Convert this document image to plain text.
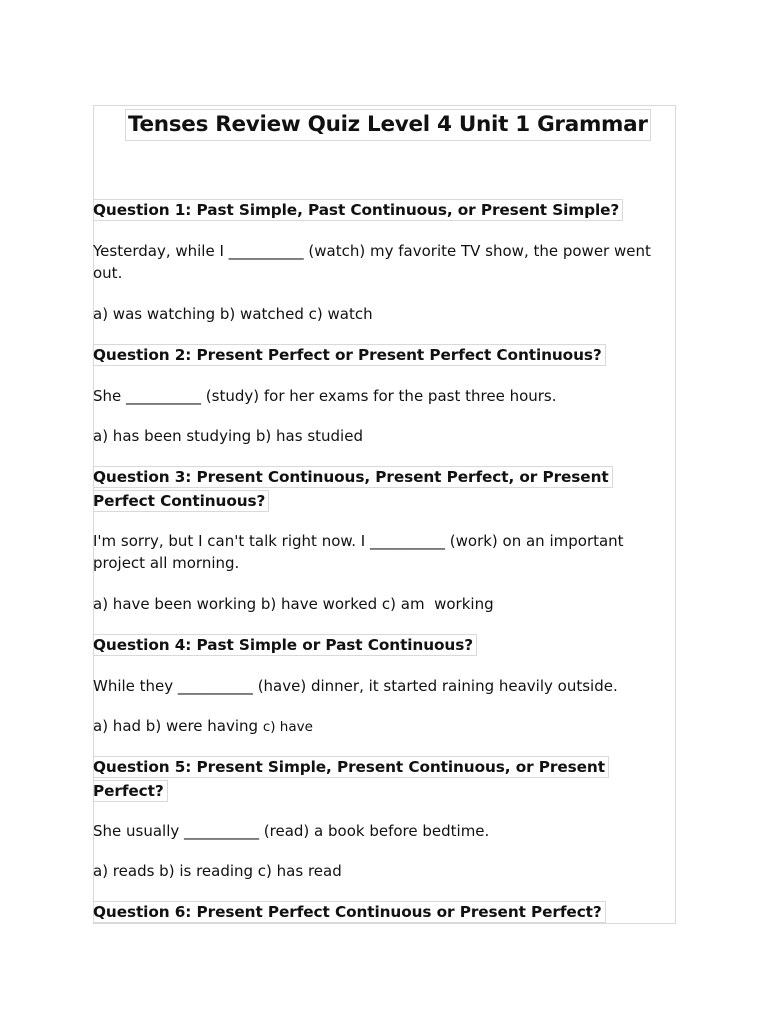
Tenses Review Quiz Level 4 Unit 1 Grammar
Question 1: Past Simple, Past Continuous, or Present Simple?
Yesterday, while I __________ (watch) my favorite TV show, the power went out.
a) was watching b) watched c) watch
Question 2: Present Perfect or Present Perfect Continuous?
She __________ (study) for her exams for the past three hours.
a) has been studying b) has studied
Question 3: Present Continuous, Present Perfect, or Present
Perfect Continuous?
I'm sorry, but I can't talk right now. I __________ (work) on an important project all morning.
a) have been working b) have worked c) am  working
Question 4: Past Simple or Past Continuous?
While they __________ (have) dinner, it started raining heavily outside.
a) had b) were having c) have
Question 5: Present Simple, Present Continuous, or Present
Perfect?
She usually __________ (read) a book before bedtime.
a) reads b) is reading c) has read
Question 6: Present Perfect Continuous or Present Perfect?
